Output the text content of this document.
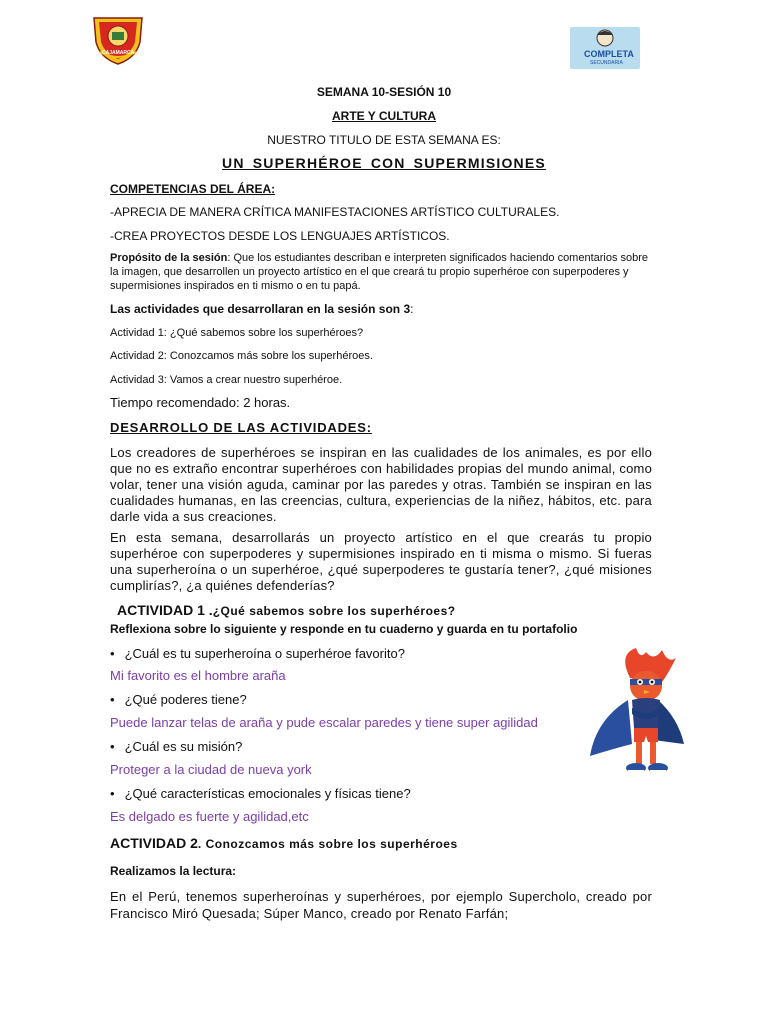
CAJAMARCA	COMPLETA
SECUNDARIA
SEMANA 10-SESIÓN 10
ARTE Y CULTURA
NUESTRO TITULO DE ESTA SEMANA ES:
UN SUPERHÉROE CON SUPERMISIONES
COMPETENCIAS DEL ÁREA:
-APRECIA DE MANERA CRÍTICA MANIFESTACIONES ARTÍSTICO CULTURALES.
-CREA PROYECTOS DESDE LOS LENGUAJES ARTÍSTICOS.
Propósito de la sesión: Que los estudiantes describan e interpreten significados haciendo comentarios sobre la imagen, que desarrollen un proyecto artístico en el que creará tu propio superhéroe con superpoderes y supermisiones inspirados en ti mismo o en tu papá.
Las actividades que desarrollaran en la sesión son 3:
Actividad 1: ¿Qué sabemos sobre los superhéroes?
Actividad 2: Conozcamos más sobre los superhéroes.
Actividad 3: Vamos a crear nuestro superhéroe.
Tiempo recomendado: 2 horas.
DESARROLLO DE LAS ACTIVIDADES:
Los creadores de superhéroes se inspiran en las cualidades de los animales, es por ello que no es extraño encontrar superhéroes con habilidades propias del mundo animal, como volar, tener una visión aguda, caminar por las paredes y otras. También se inspiran en las cualidades humanas, en las creencias, cultura, experiencias de la niñez, hábitos, etc. para darle vida a sus creaciones.
En esta semana, desarrollarás un proyecto artístico en el que crearás tu propio superhéroe con superpoderes y supermisiones inspirado en ti misma o mismo. Si fueras una superheroína o un superhéroe, ¿qué superpoderes te gustaría tener?, ¿qué misiones cumplirías?, ¿a quiénes defenderías?
ACTIVIDAD 1 .¿Qué sabemos sobre los superhéroes?
Reflexiona sobre lo siguiente y responde en tu cuaderno y guarda en tu portafolio
• ¿Cuál es tu superheroína o superhéroe favorito?
Mi favorito es el hombre araña
• ¿Qué poderes tiene?
Puede lanzar telas de araña y pude escalar paredes y tiene super agilidad
• ¿Cuál es su misión?
Proteger a la ciudad de nueva york
• ¿Qué características emocionales y físicas tiene?
Es delgado es fuerte y agilidad,etc
ACTIVIDAD 2. Conozcamos más sobre los superhéroes
Realizamos la lectura:
En el Perú, tenemos superheroínas y superhéroes, por ejemplo Supercholo, creado por Francisco Miró Quesada; Súper Manco, creado por Renato Farfán;
